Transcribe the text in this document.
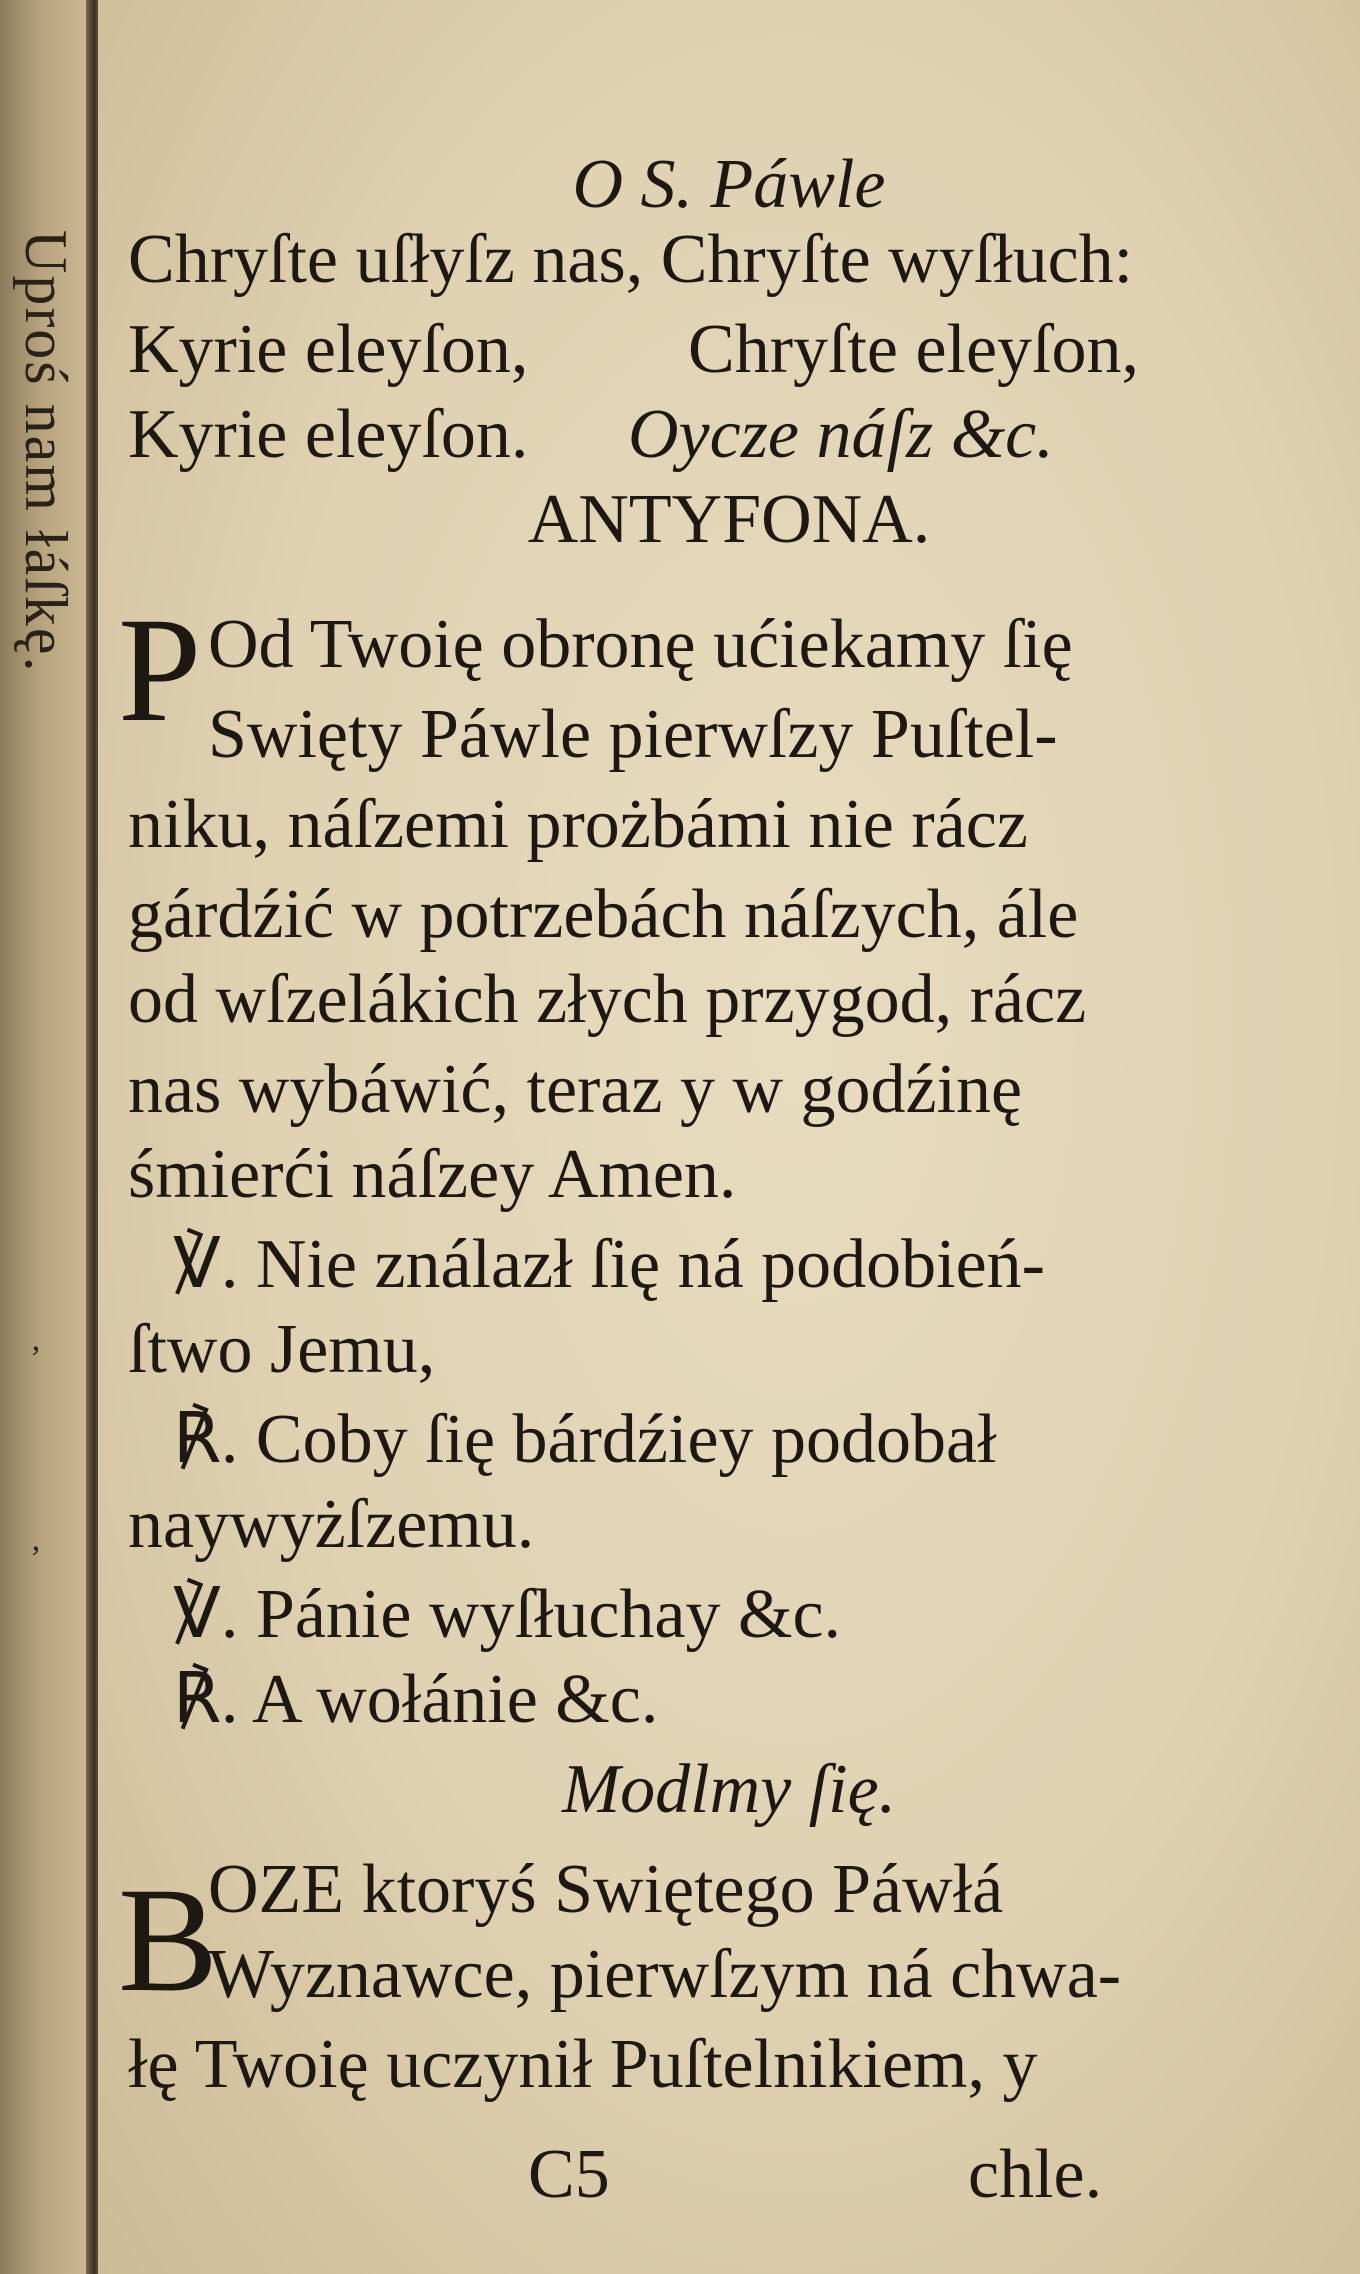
Uproś nam łáſkę.
ʼ
ʼ
O S. Páwle
Chryſte uſłyſz nas, Chryſte wyſłuch:
Kyrie eleyſon, Chryſte eleyſon,
Kyrie eleyſon. Oycze náſz &c.
ANTYFONA.
P Od Twoię obronę ućiekamy ſię
Swięty Páwle pierwſzy Puſtel-
niku, náſzemi prożbámi nie rácz
gárdźić w potrzebách náſzych, ále
od wſzelákich złych przygod, rácz
nas wybáwić, teraz y w godźinę
śmierći náſzey Amen.
℣. Nie ználazł ſię ná podobień-
ſtwo Jemu,
℟. Coby ſię bárdźiey podobał
naywyżſzemu.
℣. Pánie wyſłuchay &c.
℟. A wołánie &c.
Modlmy ſię.
B
OZE ktoryś Swiętego Páwłá
Wyznawce, pierwſzym ná chwa-
łę Twoię uczynił Puſtelnikiem, y
C5	chle.
